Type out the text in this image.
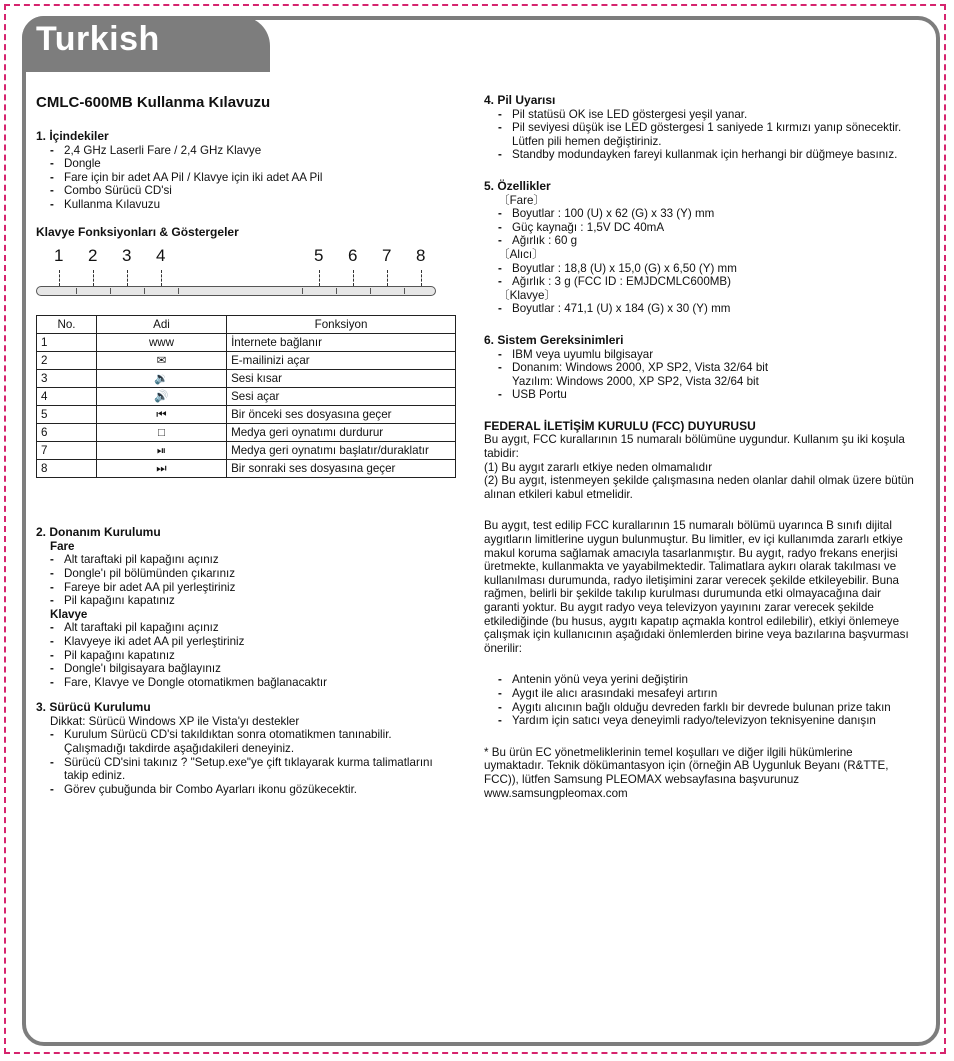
Turkish
CMLC-600MB Kullanma Kılavuzu
1. İçindekiler
- 2,4 GHz Laserli Fare / 2,4 GHz Klavye
- Dongle
- Fare için bir adet AA Pil / Klavye için iki adet AA Pil
- Combo Sürücü CD'si
- Kullanma Kılavuzu
Klavye Fonksiyonları & Göstergeler
1 2 3 4	5 6 7 8
No.	Adi	Fonksiyon
1	www	İnternete bağlanır
2	✉	E-mailinizi açar
3	🔉	Sesi kısar
4	🔊	Sesi açar
5	⏮	Bir önceki ses dosyasına geçer
6	□	Medya geri oynatımı durdurur
7	⏯	Medya geri oynatımı başlatır/duraklatır
8	⏭	Bir sonraki ses dosyasına geçer
2. Donanım Kurulumu
Fare
- Alt taraftaki pil kapağını açınız
- Dongle'ı pil bölümünden çıkarınız
- Fareye bir adet AA pil yerleştiriniz
- Pil kapağını kapatınız
Klavye
- Alt taraftaki pil kapağını açınız
- Klavyeye iki adet AA pil yerleştiriniz
- Pil kapağını kapatınız
- Dongle'ı bilgisayara bağlayınız
- Fare, Klavye ve Dongle otomatikmen bağlanacaktır
3. Sürücü Kurulumu
Dikkat: Sürücü Windows XP ile Vista'yı destekler
- Kurulum Sürücü CD'si takıldıktan sonra otomatikmen tanınabilir. Çalışmadığı takdirde aşağıdakileri deneyiniz.
- Sürücü CD'sini takınız ? "Setup.exe"ye çift tıklayarak kurma talimatlarını takip ediniz.
- Görev çubuğunda bir Combo Ayarları ikonu gözükecektir.
4. Pil Uyarısı
- Pil statüsü OK ise LED göstergesi yeşil yanar.
- Pil seviyesi düşük ise LED göstergesi 1 saniyede 1 kırmızı yanıp sönecektir. Lütfen pili hemen değiştiriniz.
- Standby modundayken fareyi kullanmak için herhangi bir düğmeye basınız.
5. Özellikler
〔Fare〕
- Boyutlar : 100 (U) x 62 (G) x 33 (Y) mm
- Güç kaynağı : 1,5V DC 40mA
- Ağırlık : 60 g
〔Alıcı〕
- Boyutlar : 18,8 (U) x 15,0 (G) x 6,50 (Y) mm
- Ağırlık : 3 g (FCC ID : EMJDCMLC600MB)
〔Klavye〕
- Boyutlar : 471,1 (U) x 184 (G) x 30 (Y) mm
6. Sistem Gereksinimleri
- IBM veya uyumlu bilgisayar
- Donanım: Windows 2000, XP SP2, Vista 32/64 bit
Yazılım: Windows 2000, XP SP2, Vista 32/64 bit
- USB Portu
FEDERAL İLETİŞİM KURULU (FCC) DUYURUSU

Bu aygıt, FCC kurallarının 15 numaralı bölümüne uygundur. Kullanım şu iki koşula tabidir:

(1) Bu aygıt zararlı etkiye neden olmamalıdır

(2) Bu aygıt, istenmeyen şekilde çalışmasına neden olanlar dahil olmak üzere bütün alınan etkileri kabul etmelidir.

Bu aygıt, test edilip FCC kurallarının 15 numaralı bölümü uyarınca B sınıfı dijital aygıtların limitlerine uygun bulunmuştur. Bu limitler, ev içi kullanımda zararlı etkiye makul koruma sağlamak amacıyla tasarlanmıştır. Bu aygıt, radyo frekans enerjisi üretmekte, kullanmakta ve yayabilmektedir. Talimatlara aykırı olarak takılması ve kullanılması durumunda, radyo iletişimini zarar verecek şekilde etkileyebilir. Buna rağmen, belirli bir şekilde takılıp kurulması durumunda etki olmayacağına dair garanti yoktur. Bu aygıt radyo veya televizyon yayınını zarar verecek şekilde etkilediğinde (bu husus, aygıtı kapatıp açmakla kontrol edilebilir), etkiyi önlemeye çalışmak için kullanıcının aşağıdaki önlemlerden birine veya bazılarına başvurması önerilir:

- Antenin yönü veya yerini değiştirin
- Aygıt ile alıcı arasındaki mesafeyi artırın
- Aygıtı alıcının bağlı olduğu devreden farklı bir devrede bulunan prize takın
- Yardım için satıcı veya deneyimli radyo/televizyon teknisyenine danışın

* Bu ürün EC yönetmeliklerinin temel koşulları ve diğer ilgili hükümlerine uymaktadır. Teknik dökümantasyon için (örneğin AB Uygunluk Beyanı (R&TTE, FCC)), lütfen Samsung PLEOMAX websayfasına başvurunuz www.samsungpleomax.com
